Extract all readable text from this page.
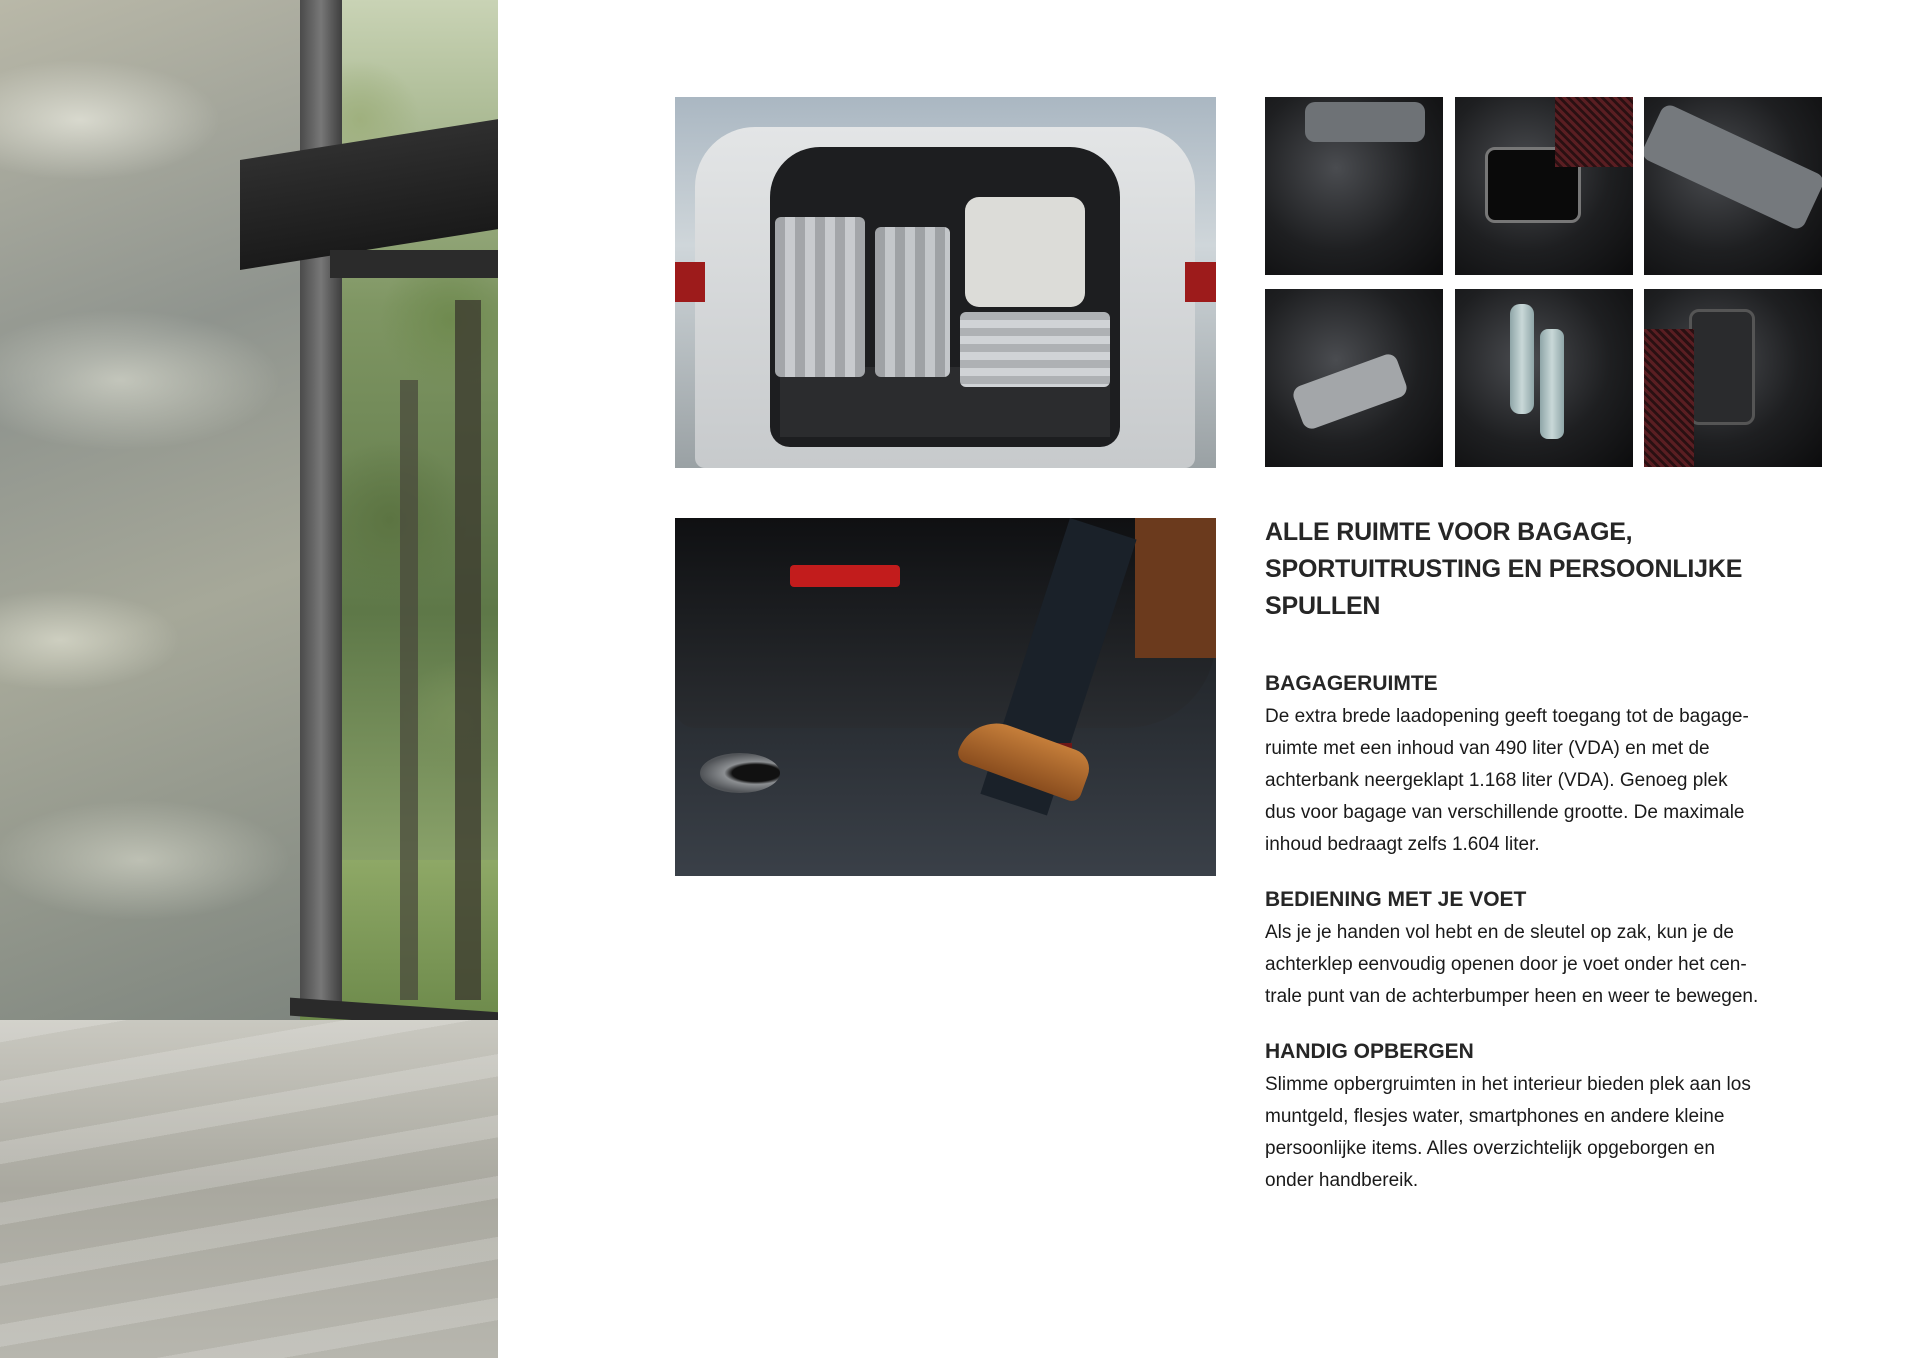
ALLE RUIMTE VOOR BAGAGE,
SPORTUITRUSTING EN PERSOONLIJKE
SPULLEN
BAGAGERUIMTE

De extra brede laadopening geeft toegang tot de bagage-
ruimte met een inhoud van 490 liter (VDA) en met de
achterbank neergeklapt 1.168 liter (VDA). Genoeg plek
dus voor bagage van verschillende grootte. De maximale
inhoud bedraagt zelfs 1.604 liter.

BEDIENING MET JE VOET

Als je je handen vol hebt en de sleutel op zak, kun je de
achterklep eenvoudig openen door je voet onder het cen-
trale punt van de achterbumper heen en weer te bewegen.

HANDIG OPBERGEN

Slimme opbergruimten in het interieur bieden plek aan los
muntgeld, flesjes water, smartphones en andere kleine
persoonlijke items. Alles overzichtelijk opgeborgen en
onder handbereik.
